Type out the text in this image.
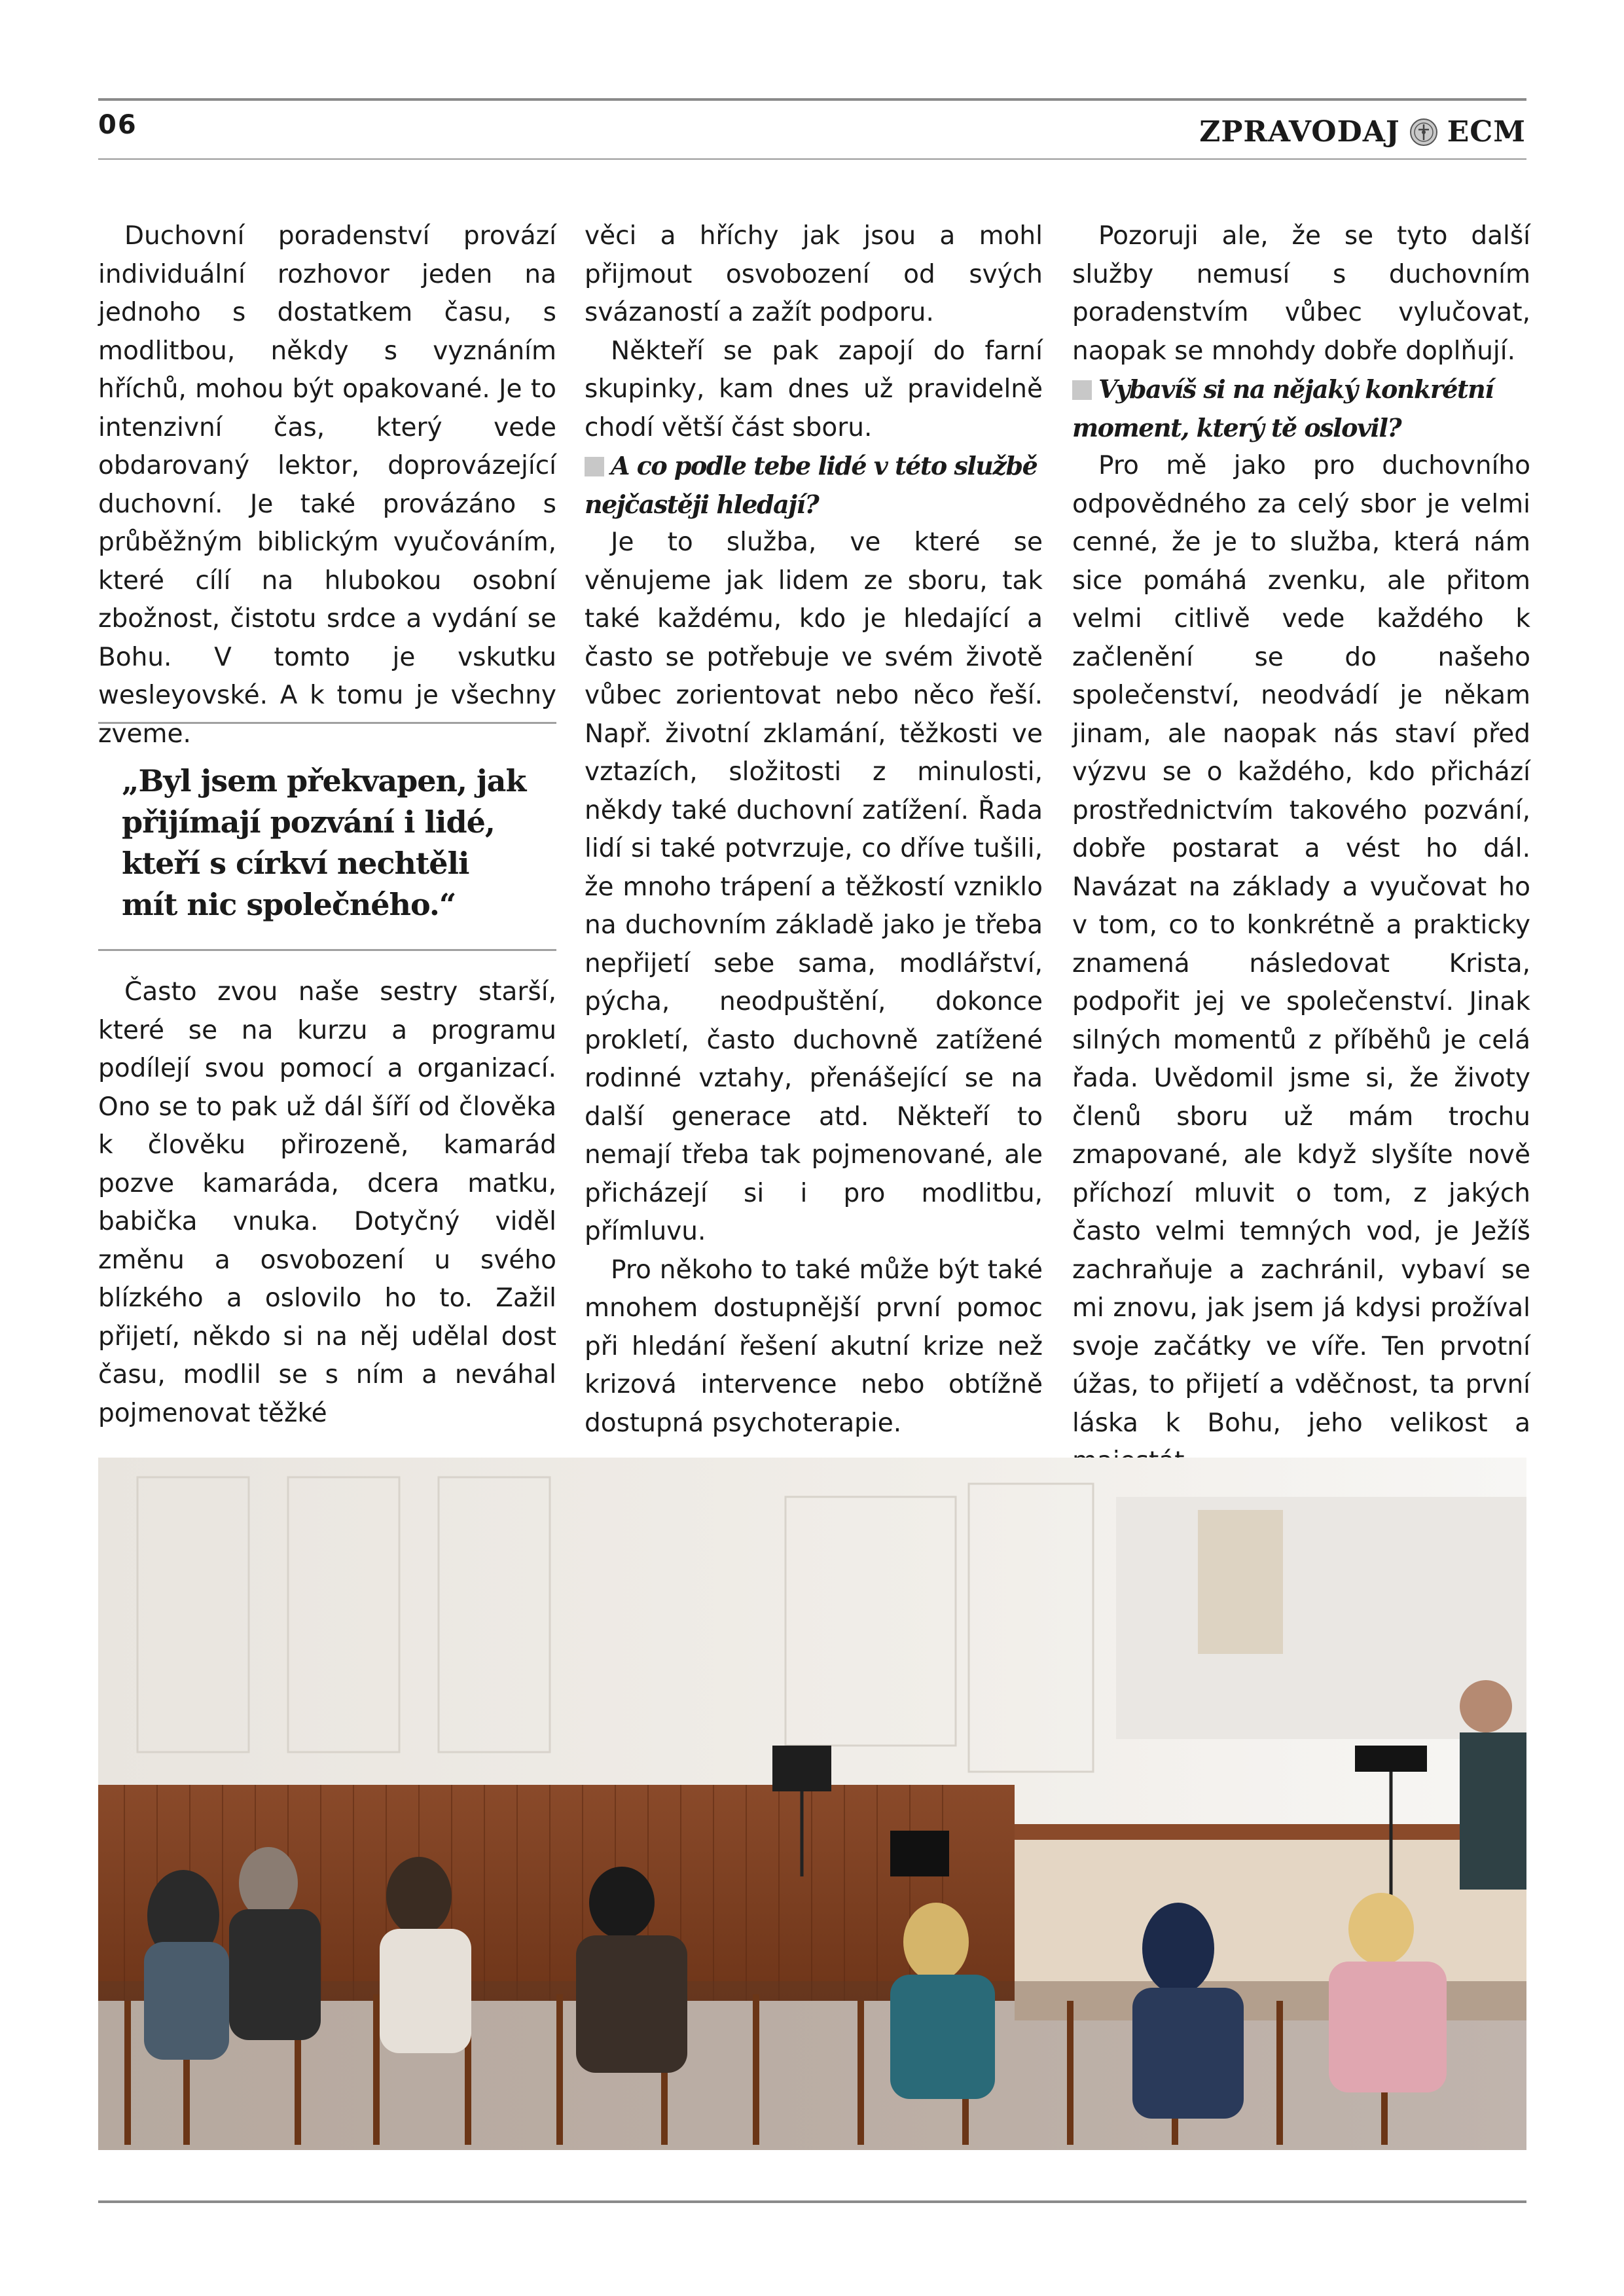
06	ZPRAVODAJ ECM

Duchovní poradenství provází individuální rozhovor jeden na jednoho s dostatkem času, s modlitbou, někdy s vyznáním hříchů, mohou být opakované. Je to intenzivní čas, který vede obdarovaný lektor, doprovázející duchovní. Je také provázáno s průběžným biblickým vyučováním, které cílí na hlubokou osobní zbožnost, čistotu srdce a vydání se Bohu. V tomto je vskutku wesleyovské. A k tomu je všechny zveme.

„Byl jsem překvapen, jak přijímají pozvání i lidé, kteří s církví nechtěli mít nic společného.“

Často zvou naše sestry starší, které se na kurzu a programu podílejí svou pomocí a organizací. Ono se to pak už dál šíří od člověka k člověku přirozeně, kamarád pozve kamaráda, dcera matku, babička vnuka. Dotyčný viděl změnu a osvobození u svého blízkého a oslovilo ho to. Zažil přijetí, někdo si na něj udělal dost času, modlil se s ním a neváhal pojmenovat těžké

věci a hříchy jak jsou a mohl přijmout osvobození od svých svázaností a zažít podporu.

Někteří se pak zapojí do farní skupinky, kam dnes už pravidelně chodí větší část sboru.

A co podle tebe lidé v této službě nejčastěji hledají?

Je to služba, ve které se věnujeme jak lidem ze sboru, tak také každému, kdo je hledající a často se potřebuje ve svém životě vůbec zorientovat nebo něco řeší. Např. životní zklamání, těžkosti ve vztazích, složitosti z minulosti, někdy také duchovní zatížení. Řada lidí si také potvrzuje, co dříve tušili, že mnoho trápení a těžkostí vzniklo na duchovním základě jako je třeba nepřijetí sebe sama, modlářství, pýcha, neodpuštění, dokonce prokletí, často duchovně zatížené rodinné vztahy, přenášející se na další generace atd. Někteří to nemají třeba tak pojmenované, ale přicházejí si i pro modlitbu, přímluvu.

Pro někoho to také může být také mnohem dostupnější první pomoc při hledání řešení akutní krize než krizová intervence nebo obtížně dostupná psychoterapie.

Pozoruji ale, že se tyto další služby nemusí s duchovním poradenstvím vůbec vylučovat, naopak se mnohdy dobře doplňují.

Vybavíš si na nějaký konkrétní moment, který tě oslovil?

Pro mě jako pro duchovního odpovědného za celý sbor je velmi cenné, že je to služba, která nám sice pomáhá zvenku, ale přitom velmi citlivě vede každého k začlenění se do našeho společenství, neodvádí je někam jinam, ale naopak nás staví před výzvu se o každého, kdo přichází prostřednictvím takového pozvání, dobře postarat a vést ho dál. Navázat na základy a vyučovat ho v tom, co to konkrétně a prakticky znamená následovat Krista, podpořit jej ve společenství. Jinak silných momentů z příběhů je celá řada. Uvědomil jsme si, že životy členů sboru už mám trochu zmapované, ale když slyšíte nově příchozí mluvit o tom, z jakých často velmi temných vod, je Ježíš zachraňuje a zachránil, vybaví se mi znovu, jak jsem já kdysi prožíval svoje začátky ve víře. Ten prvotní úžas, to přijetí a vděčnost, ta první láska k Bohu, jeho velikost a
